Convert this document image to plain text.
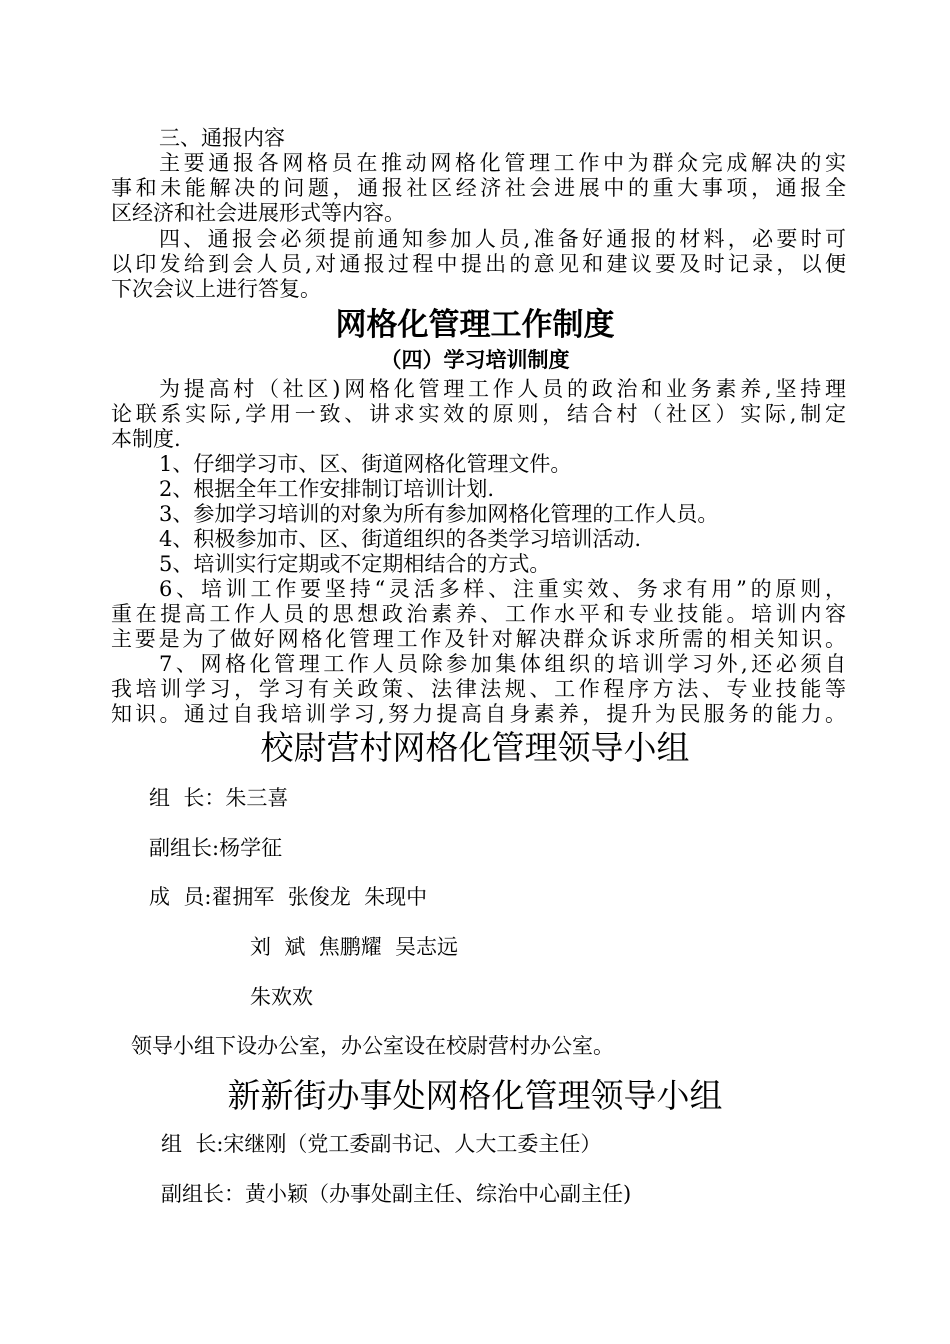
三、通报内容
主要通报各网格员在推动网格化管理工作中为群众完成解决的实
事和未能解决的问题，通报社区经济社会进展中的重大事项，通报全
区经济和社会进展形式等内容。
四、通报会必须提前通知参加人员,准备好通报的材料，必要时可
以印发给到会人员,对通报过程中提出的意见和建议要及时记录，以便
下次会议上进行答复。
网格化管理工作制度
（四）学习培训制度
为提高村（社区)网格化管理工作人员的政治和业务素养,坚持理
论联系实际,学用一致、讲求实效的原则，结合村（社区）实际,制定
本制度.
1、仔细学习市、区、街道网格化管理文件。
2、根据全年工作安排制订培训计划.
3、参加学习培训的对象为所有参加网格化管理的工作人员。
4、积极参加市、区、街道组织的各类学习培训活动.
5、培训实行定期或不定期相结合的方式。
6、培训工作要坚持“灵活多样、注重实效、务求有用”的原则，
重在提高工作人员的思想政治素养、工作水平和专业技能。培训内容
主要是为了做好网格化管理工作及针对解决群众诉求所需的相关知识。
7、网格化管理工作人员除参加集体组织的培训学习外,还必须自
我培训学习，学习有关政策、法律法规、工作程序方法、专业技能等
知识。通过自我培训学习,努力提高自身素养，提升为民服务的能力。
校尉营村网格化管理领导小组
组  长：朱三喜
副组长:杨学征
成  员:翟拥军  张俊龙  朱现中
刘  斌  焦鹏耀  吴志远
朱欢欢
领导小组下设办公室，办公室设在校尉营村办公室。
新新街办事处网格化管理领导小组
组  长:宋继刚（党工委副书记、人大工委主任）
副组长：黄小颖（办事处副主任、综治中心副主任)
